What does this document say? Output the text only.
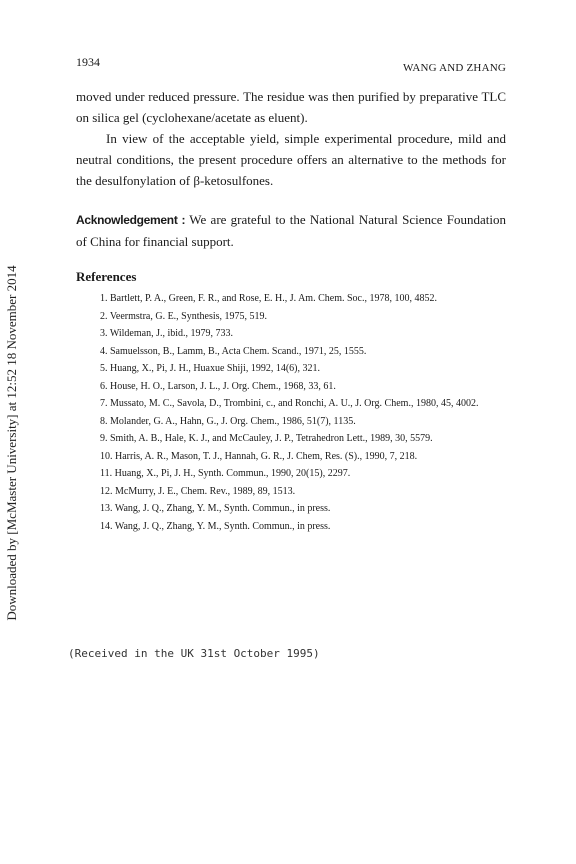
Downloaded by [McMaster University] at 12:52 18 November 2014
1934	WANG AND ZHANG

moved under reduced pressure. The residue was then purified by preparative TLC on silica gel (cyclohexane/acetate as eluent).

In view of the acceptable yield, simple experimental procedure, mild and neutral conditions, the present procedure offers an alternative to the methods for the desulfonylation of β-ketosulfones.

Acknowledgement : We are grateful to the National Natural Science Foundation of China for financial support.
References
1. Bartlett, P. A., Green, F. R., and Rose, E. H., J. Am. Chem. Soc., 1978, 100, 4852.
2. Veermstra, G. E., Synthesis, 1975, 519.
3. Wildeman, J., ibid., 1979, 733.
4. Samuelsson, B., Lamm, B., Acta Chem. Scand., 1971, 25, 1555.
5. Huang, X., Pi, J. H., Huaxue Shiji, 1992, 14(6), 321.
6. House, H. O., Larson, J. L., J. Org. Chem., 1968, 33, 61.
7. Mussato, M. C., Savola, D., Trombini, c., and Ronchi, A. U., J. Org. Chem., 1980, 45, 4002.
8. Molander, G. A., Hahn, G., J. Org. Chem., 1986, 51(7), 1135.
9. Smith, A. B., Hale, K. J., and McCauley, J. P., Tetrahedron Lett., 1989, 30, 5579.
10. Harris, A. R., Mason, T. J., Hannah, G. R., J. Chem, Res. (S)., 1990, 7, 218.
11. Huang, X., Pi, J. H., Synth. Commun., 1990, 20(15), 2297.
12. McMurry, J. E., Chem. Rev., 1989, 89, 1513.
13. Wang, J. Q., Zhang, Y. M., Synth. Commun., in press.
14. Wang, J. Q., Zhang, Y. M., Synth. Commun., in press.
(Received in the UK 31st October 1995)
